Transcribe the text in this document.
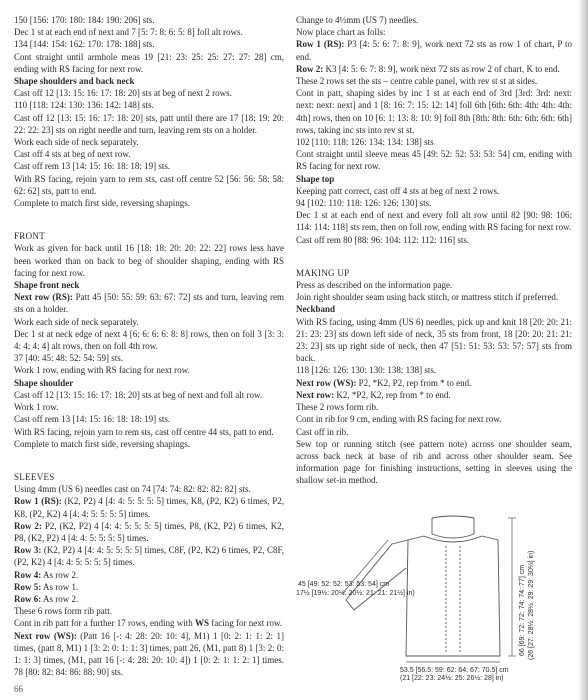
150 [156: 170: 180: 184: 190: 206] sts.

Dec 1 st at each end of next and 7 [5: 7: 8: 6: 5: 8] foll alt rows.

134 [144: 154: 162: 170: 178: 188] sts.

Cont straight until armhole meas 19 [21: 23: 25: 25: 27: 27: 28] cm, ending with RS facing for next row.

Shape shoulders and back neck

Cast off 12 [13: 15: 16: 17: 18: 20] sts at beg of next 2 rows.

110 [118: 124: 130: 136: 142: 148] sts.

Cast off 12 [13: 15: 16: 17: 18: 20] sts, patt until there are 17 [18: 19: 20: 22: 22: 23] sts on right needle and turn, leaving rem sts on a holder.

Work each side of neck separately.

Cast off 4 sts at beg of next row.

Cast off rem 13 [14: 15: 16: 18: 18: 19] sts.

With RS facing, rejoin yarn to rem sts, cast off centre 52 [56: 56: 58: 58: 62: 62] sts, patt to end.

Complete to match first side, reversing shapings.

FRONT

Work as given for back until 16 [18: 18: 20: 20: 22: 22] rows less have been worked than on back to beg of shoulder shaping, ending with RS facing for next row.

Shape front neck

Next row (RS): Patt 45 [50: 55: 59: 63: 67: 72] sts and turn, leaving rem sts on a holder.

Work each side of neck separately.

Dec 1 st at neck edge of next 4 [6: 6: 6: 6: 8: 8] rows, then on foll 3 [3: 3: 4: 4: 4: 4] alt rows, then on foll 4th row.

37 [40: 45: 48: 52: 54: 59] sts.

Work 1 row, ending with RS facing for next row.

Shape shoulder

Cast off 12 [13: 15: 16: 17: 18: 20] sts at beg of next and foll alt row.

Work 1 row.

Cast off rem 13 [14: 15: 16: 18: 18: 19] sts.

With RS facing, rejoin yarn to rem sts, cast off centre 44 sts, patt to end.

Complete to match first side, reversing shapings.

SLEEVES

Using 4mm (US 6) needles cast on 74 [74: 74: 82: 82: 82: 82] sts.

Row 1 (RS): (K2, P2) 4 [4: 4: 5: 5: 5: 5] times, K8, (P2, K2) 6 times, P2, K8, (P2, K2) 4 [4: 4: 5: 5: 5: 5] times.

Row 2: P2, (K2, P2) 4 [4: 4: 5: 5: 5: 5] times, P8, (K2, P2) 6 times, K2, P8, (K2, P2) 4 [4: 4: 5: 5: 5: 5] times.

Row 3: (K2, P2) 4 [4: 4: 5: 5: 5: 5] times, C8F, (P2, K2) 6 times, P2, C8F, (P2, K2) 4 [4: 4: 5: 5: 5: 5] times.

Row 4: As row 2.

Row 5: As row 1.

Row 6: As row 2.

These 6 rows form rib patt.

Cont in rib patt for a further 17 rows, ending with WS facing for next row.

Next row (WS): (Patt 16 [-: 4: 28: 20: 10: 4], M1) 1 [0: 2: 1: 1: 2: 1] times, (patt 8, M1) 1 [3: 2: 0: 1: 1: 3] times, patt 26, (M1, patt 8) 1 [3: 2: 0: 1: 1: 3] times, (M1, patt 16 [-: 4: 28: 20: 10: 4]) 1 [0: 2: 1: 1: 2: 1] times. 78 [80: 82: 84: 86: 88: 90] sts.

Change to 4½mm (US 7) needles.

Now place chart as folls:

Row 1 (RS): P3 [4: 5: 6: 7: 8: 9], work next 72 sts as row 1 of chart, P to end.

Row 2: K3 [4: 5: 6: 7: 8: 9], work next 72 sts as row 2 of chart, K to end.

These 2 rows set the sts – centre cable panel, with rev st st at sides.

Cont in patt, shaping sides by inc 1 st at each end of 3rd [3rd: 3rd: next: next: next: next] and 1 [8: 16: 7: 15: 12: 14] foll 6th [6th: 6th: 4th: 4th: 4th: 4th] rows, then on 10 [6: 1: 13: 8: 10: 9] foll 8th [8th: 8th: 6th: 6th: 6th: 6th] rows, taking inc sts into rev st st.

102 [110: 118: 126: 134: 134: 138] sts

Cont straight until sleeve meas 45 [49: 52: 52: 53: 53: 54] cm, ending with RS facing for next row.

Shape top

Keeping patt correct, cast off 4 sts at beg of next 2 rows.

94 [102: 110: 118: 126: 126: 130] sts.

Dec 1 st at each end of next and every foll alt row until 82 [90: 98: 106: 114: 114: 118] sts rem, then on foll row, ending with RS facing for next row.

Cast off rem 80 [88: 96: 104: 112: 112: 116] sts.

MAKING UP

Press as described on the information page.

Join right shoulder seam using back stitch, or mattress stitch if preferred.

Neckband

With RS facing, using 4mm (US 6) needles, pick up and knit 18 [20: 20: 21: 21: 23: 23] sts down left side of neck, 35 sts from front, 18 [20: 20: 21: 21: 23: 23] sts up right side of neck, then 47 [51: 51: 53: 53: 57: 57] sts from back.

118 [126: 126: 130: 130: 138: 138] sts.

Next row (WS): P2, *K2, P2, rep from * to end.

Next row: K2, *P2, K2, rep from * to end.

These 2 rows form rib.

Cont in rib for 9 cm, ending with RS facing for next row.

Cast off in rib.

Sew top or running stitch (see pattern note) across one shoulder seam, across back neck at base of rib and across other shoulder seam. See information page for finishing instructions, setting in sleeves using the shallow set-in method.

45 [49: 52: 52: 53: 53: 54] cm
17½ [19½: 20½: 20½: 21: 21: 21½] in)	66 [69: 72: 72: 74: 74: 77] cm (26 [27: 28½: 28½: 29: 29: 30½] in)
53.5 [56.5: 59: 62: 64: 67: 70.5] cm
(21 [22: 23: 24½: 25: 26½: 28] in)
66
